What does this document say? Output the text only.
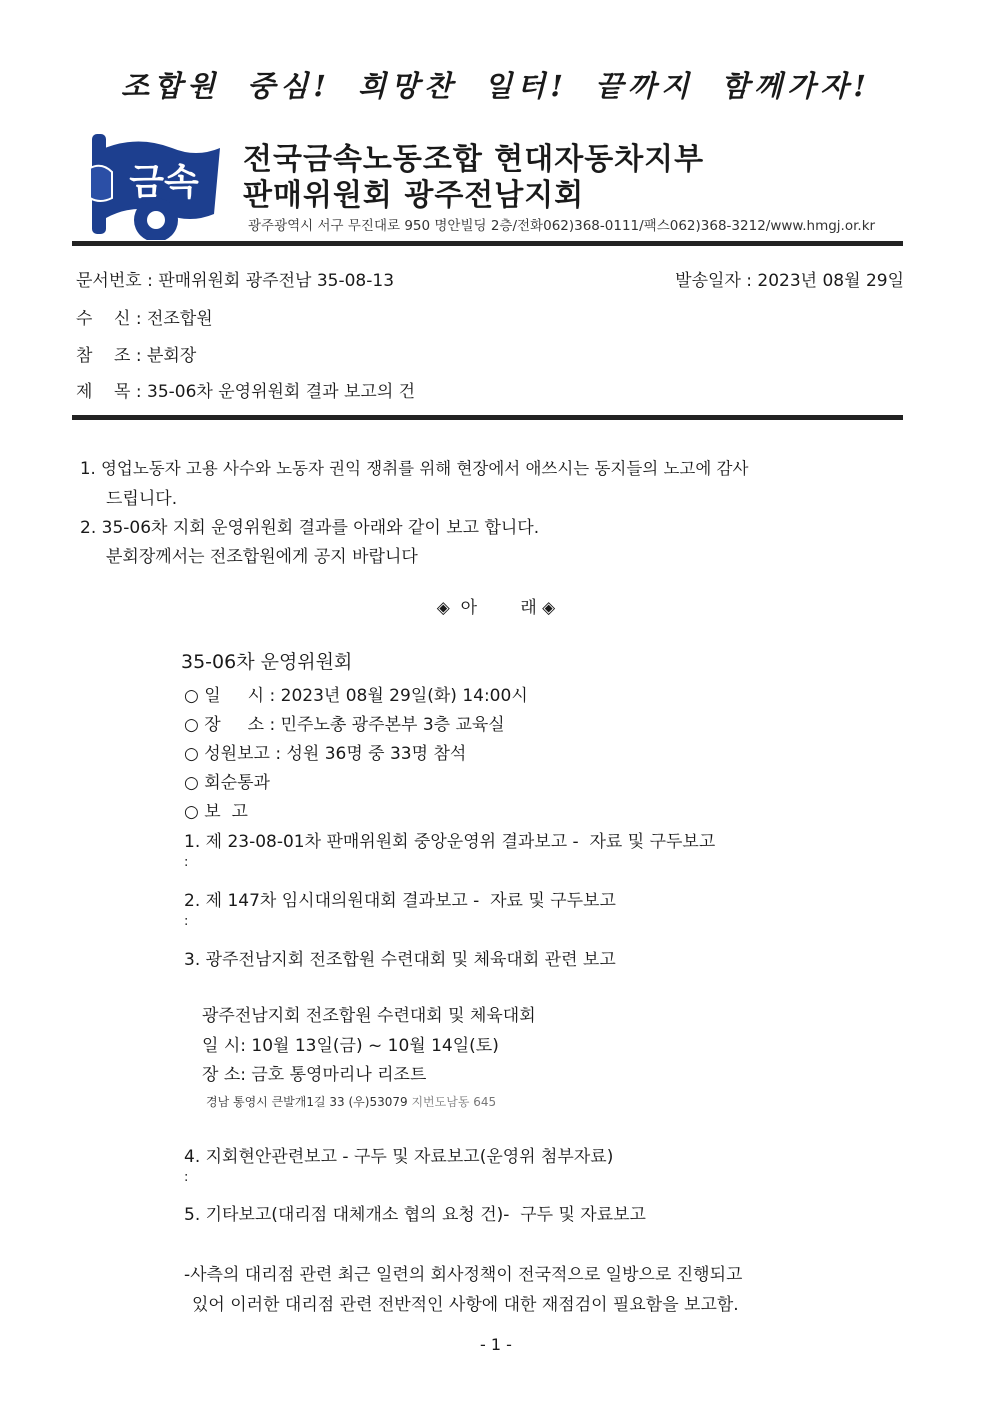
조합원 중심! 희망찬 일터! 끝까지 함께가자!
금속
전국금속노동조합 현대자동차지부
판매위원회 광주전남지회
광주광역시 서구 무진대로 950 명안빌딩 2층/전화062)368-0111/팩스062)368-3212/www.hmgj.or.kr
문서번호 : 판매위원회 광주전남 35-08-13	발송일자 : 2023년 08월 29일
수    신 : 전조합원
참    조 : 분회장
제    목 : 35-06차 운영위원회 결과 보고의 건
1. 영업노동자 고용 사수와 노동자 권익 쟁취를 위해 현장에서 애쓰시는 동지들의 노고에 감사
드립니다.
2. 35-06차 지회 운영위원회 결과를 아래와 같이 보고 합니다.
분회장께서는 전조합원에게 공지 바랍니다
◈  아        래 ◈
35-06차 운영위원회
○ 일     시 : 2023년 08월 29일(화) 14:00시
○ 장     소 : 민주노총 광주본부 3층 교육실
○ 성원보고 : 성원 36명 중 33명 참석
○ 회순통과
○ 보  고
1. 제 23-08-01차 판매위원회 중앙운영위 결과보고 -  자료 및 구두보고
:
2. 제 147차 임시대의원대회 결과보고 -  자료 및 구두보고
:
3. 광주전남지회 전조합원 수련대회 및 체육대회 관련 보고
광주전남지회 전조합원 수련대회 및 체육대회
일 시: 10월 13일(금) ~ 10월 14일(토)
장 소: 금호 통영마리나 리조트
경남 통영시 큰발개1길 33 (우)53079 지번도남동 645
4. 지회현안관련보고 - 구두 및 자료보고(운영위 첨부자료)
:
5. 기타보고(대리점 대체개소 협의 요청 건)-  구두 및 자료보고
-사측의 대리점 관련 최근 일련의 회사정책이 전국적으로 일방으로 진행되고
있어 이러한 대리점 관련 전반적인 사항에 대한 재점검이 필요함을 보고함.
- 1 -
